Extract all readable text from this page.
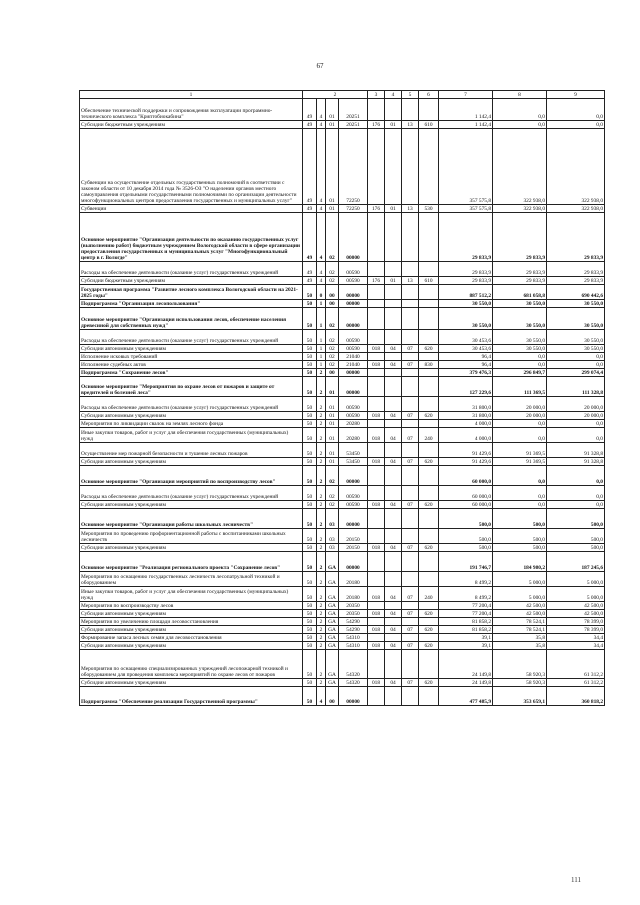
67
1	2				3	4	5	6	7	8	9
Обеспечение технической поддержки и сопровождения эксплуатации программно-технического комплекса "Криптобиокабина"	49	4	01	20251					1 142,4	0,0	0,0
Субсидии бюджетным учреждениям	49	4	01	20251	176	01	13	610	1 142,4	0,0	0,0
Субвенции на осуществление отдельных государственных полномочий в соответствии с законом области от 10 декабря 2014 года № 3526-ОЗ "О наделении органов местного самоуправления отдельными государственными полномочиями по организации деятельности многофункциональных центров предоставления государственных и муниципальных услуг"	49	4	01	72250					357 575,8	322 938,0	322 938,0
Субвенции	49	4	01	72250	176	01	13	530	357 575,8	322 938,0	322 938,0
Основное мероприятие "Организация деятельности по оказанию государственных услуг (выполнению работ) бюджетным учреждением Вологодской области в сфере организации предоставления государственных и муниципальных услуг "Многофункциональный центр в г. Вологде"	49	4	02	00000					29 833,9	29 833,9	29 833,9
Расходы на обеспечение деятельности (оказание услуг) государственных учреждений	49	4	02	00590					29 833,9	29 833,9	29 833,9
Субсидии бюджетным учреждениям	49	4	02	00590	176	01	13	610	29 833,9	29 833,9	29 833,9
Государственная программа "Развитие лесного комплекса Вологодской области на 2021-2025 годы"	50	0	00	00000					887 512,2	681 058,8	690 442,6
Подпрограмма "Организация лесопользования"	50	1	00	00000					30 550,0	30 550,0	30 550,0
Основное мероприятие "Организация использования лесов, обеспечение населения древесиной для собственных нужд"	50	1	02	00000					30 550,0	30 550,0	30 550,0
Расходы на обеспечение деятельности (оказание услуг) государственных учреждений	50	1	02	00590					30 453,6	30 550,0	30 550,0
Субсидии автономным учреждениям	50	1	02	00590	018	04	07	620	30 453,6	30 550,0	30 550,0
Исполнение исковых требований	50	1	02	21040					96,4	0,0	0,0
Исполнение судебных актов	50	1	02	21040	018	04	07	830	96,4	0,0	0,0
Подпрограмма "Сохранение лесов"	50	2	00	00000					379 476,3	296 849,7	299 074,4
Основное мероприятие "Мероприятия по охране лесов от пожаров и защите от вредителей и болезней леса"	50	2	01	00000					127 229,6	111 369,5	111 328,8
Расходы на обеспечение деятельности (оказание услуг) государственных учреждений	50	2	01	00590					31 800,0	20 000,0	20 000,0
Субсидии автономным учреждениям	50	2	01	00590	018	04	07	620	31 800,0	20 000,0	20 000,0
Мероприятия по ликвидации свалок на землях лесного фонда	50	2	01	20280					4 000,0	0,0	0,0
Иные закупки товаров, работ и услуг для обеспечения государственных (муниципальных) нужд	50	2	01	20280	018	04	07	240	4 000,0	0,0	0,0
Осуществление мер пожарной безопасности и тушение лесных пожаров	50	2	01	53450					91 429,6	91 369,5	91 328,8
Субсидии автономным учреждениям	50	2	01	53450	018	04	07	620	91 429,6	91 369,5	91 328,8
Основное мероприятие "Организация мероприятий по воспроизводству лесов"	50	2	02	00000					60 000,0	0,0	0,0
Расходы на обеспечение деятельности (оказание услуг) государственных учреждений	50	2	02	00590					60 000,0	0,0	0,0
Субсидии автономным учреждениям	50	2	02	00590	018	04	07	620	60 000,0	0,0	0,0
Основное мероприятие "Организация работы школьных лесничеств"	50	2	03	00000					500,0	500,0	500,0
Мероприятия по проведению профориентационной работы с воспитанниками школьных лесничеств	50	2	03	20150					500,0	500,0	500,0
Субсидии автономным учреждениям	50	2	03	20150	018	04	07	620	500,0	500,0	500,0
Основное мероприятие "Реализация регионального проекта "Сохранение лесов"	50	2	GA	00000					191 746,7	184 980,2	187 245,6
Мероприятия по оснащению государственных лесничеств лесопатрульной техникой и оборудованием	50	2	GA	20180					8 499,2	5 000,0	5 000,0
Иные закупки товаров, работ и услуг для обеспечения государственных (муниципальных) нужд	50	2	GA	20180	018	04	07	240	8 499,2	5 000,0	5 000,0
Мероприятия по воспроизводству лесов	50	2	GA	20350					77 200,4	42 500,0	42 500,0
Субсидии автономным учреждениям	50	2	GA	20350	018	04	07	620	77 200,4	42 500,0	42 500,0
Мероприятия по увеличению площади лесовосстановления	50	2	GA	54290					81 858,2	78 524,1	78 399,0
Субсидии автономным учреждениям	50	2	GA	54290	018	04	07	620	81 858,2	78 524,1	78 399,0
Формирование запаса лесных семян для лесовосстановления	50	2	GA	54310					39,1	35,8	34,4
Субсидии автономным учреждениям	50	2	GA	54310	018	04	07	620	39,1	35,8	34,4
Мероприятия по оснащению специализированных учреждений лесопожарной техникой и оборудованием для проведения комплекса мероприятий по охране лесов от пожаров	50	2	GA	54320					24 149,8	58 920,3	61 312,2
Субсидии автономным учреждениям	50	2	GA	54320	018	04	07	620	24 149,8	58 920,3	61 312,2
Подпрограмма "Обеспечение реализации Государственной программы"	50	4	00	00000					477 485,9	353 659,1	360 818,2
111
